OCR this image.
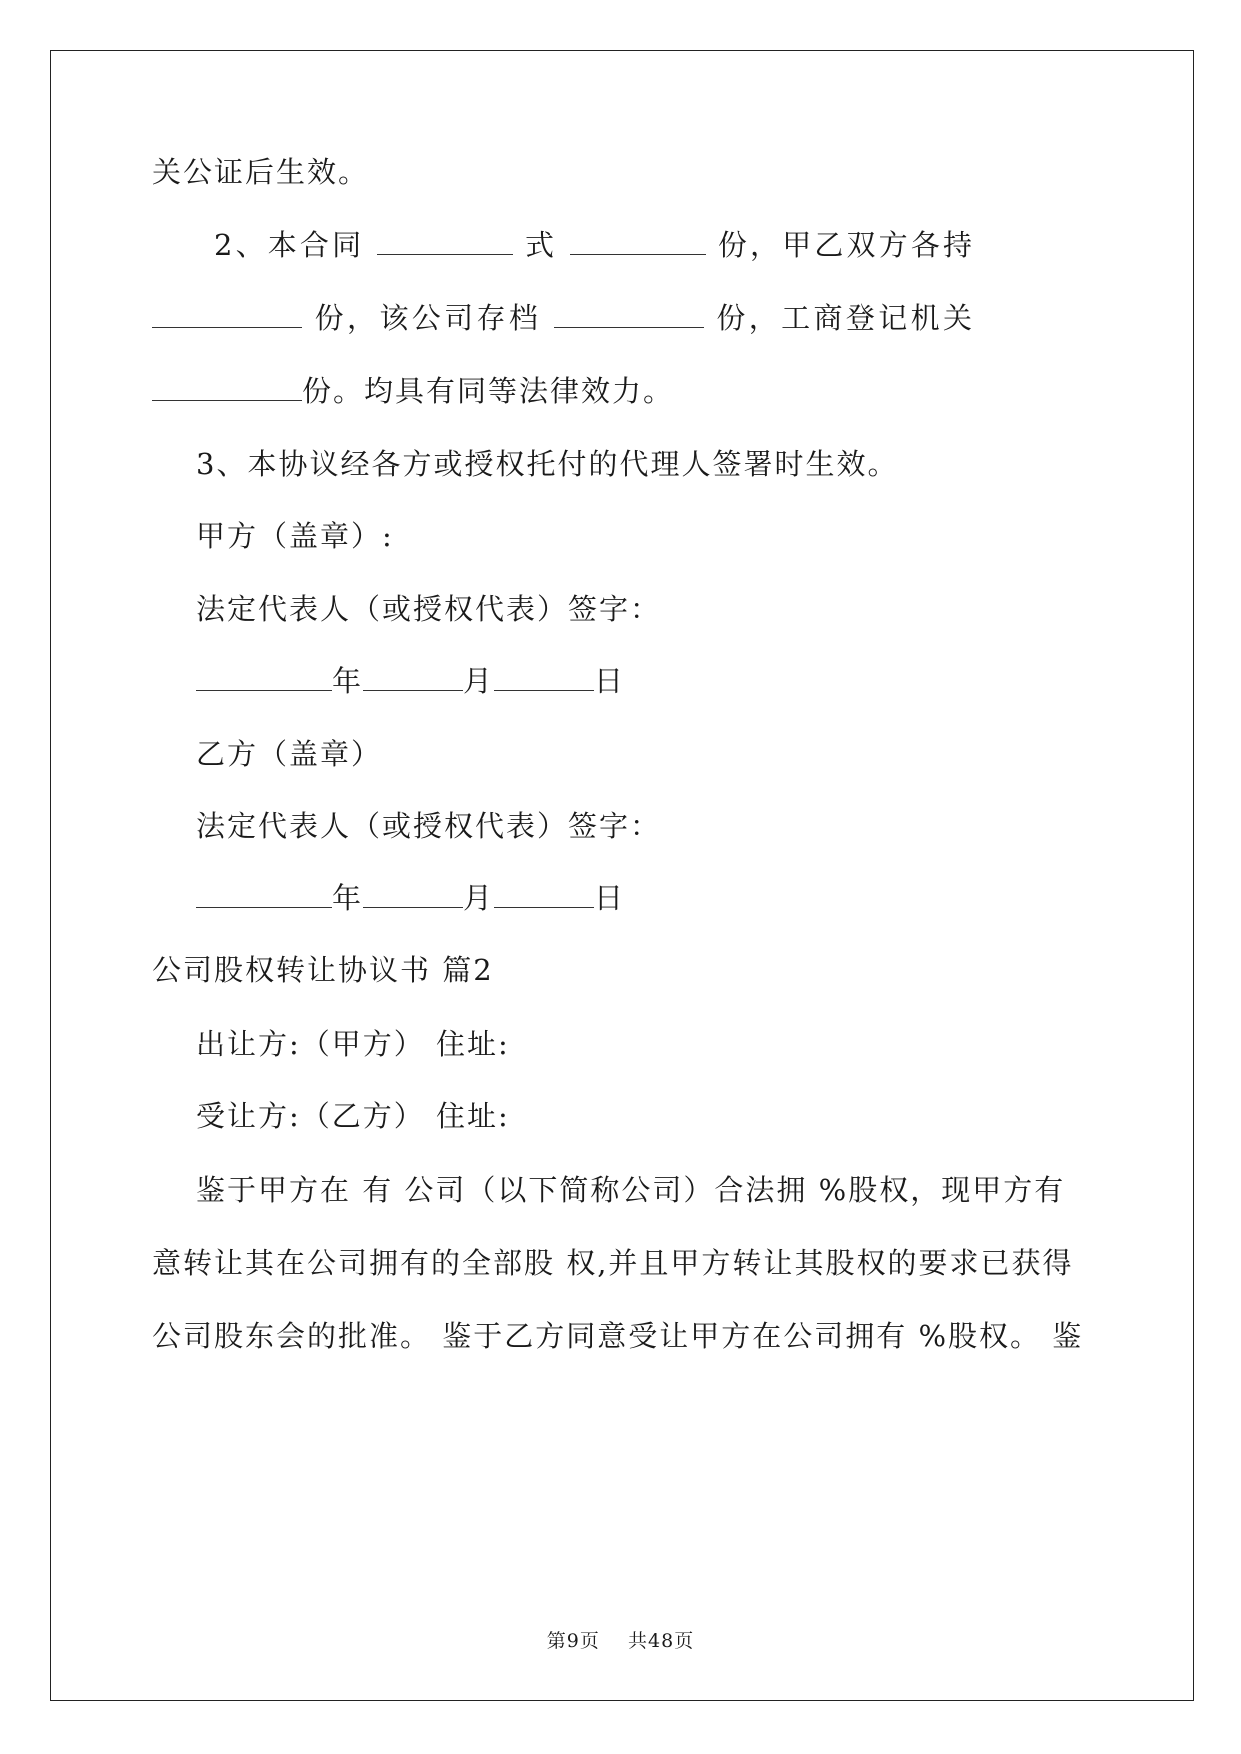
关公证后生效。
2、本合同	式	份，甲乙双方各持
份，该公司存档	份，工商登记机关
份。均具有同等法律效力。
3、本协议经各方或授权托付的代理人签署时生效。
甲方（盖章）:
法定代表人（或授权代表）签字：
年	月	日
乙方（盖章）
法定代表人（或授权代表）签字：
年	月	日
公司股权转让协议书 篇2
出让方:（甲方） 住址:
受让方:（乙方） 住址:
鉴于甲方在 有 公司（以下简称公司）合法拥 %股权，现甲方有
意转让其在公司拥有的全部股 权,并且甲方转让其股权的要求已获得
公司股东会的批准。 鉴于乙方同意受让甲方在公司拥有 %股权。 鉴
第9页 共48页
